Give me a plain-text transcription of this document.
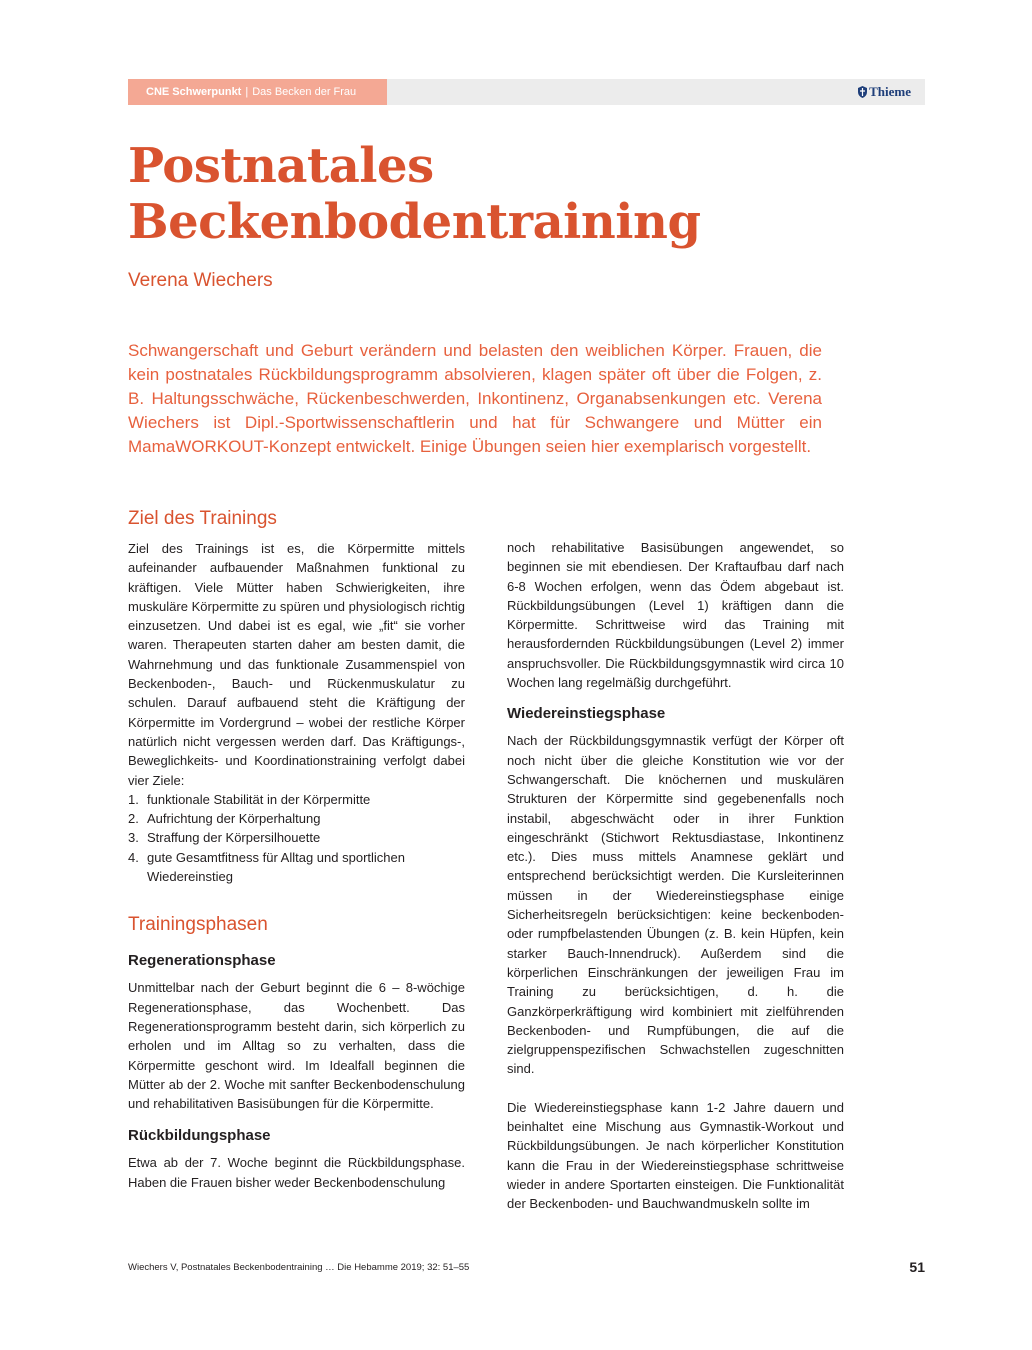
CNE Schwerpunkt | Das Becken der Frau	Thieme
Postnatales
Beckenbodentraining
Verena Wiechers

Schwangerschaft und Geburt verändern und belasten den weiblichen Körper. Frauen, die kein postnatales Rückbildungsprogramm absolvieren, klagen später oft über die Folgen, z. B. Haltungsschwäche, Rückenbeschwerden, Inkontinenz, Organabsenkungen etc. Verena Wiechers ist Dipl.-Sportwissenschaftlerin und hat für Schwangere und Mütter ein MamaWORKOUT-Konzept entwickelt. Einige Übungen seien hier exemplarisch vorgestellt.

Ziel des Trainings

Ziel des Trainings ist es, die Körpermitte mittels aufeinander aufbauender Maßnahmen funktional zu kräftigen. Viele Mütter haben Schwierigkeiten, ihre muskuläre Körpermitte zu spüren und physiologisch richtig einzusetzen. Und dabei ist es egal, wie „fit“ sie vorher waren. Therapeuten starten daher am besten damit, die Wahrnehmung und das funktionale Zusammenspiel von Beckenboden-, Bauch- und Rückenmuskulatur zu schulen. Darauf aufbauend steht die Kräftigung der Körpermitte im Vordergrund – wobei der restliche Körper natürlich nicht vergessen werden darf. Das Kräftigungs-, Beweglichkeits- und Koordinationstraining verfolgt dabei vier Ziele:

1. funktionale Stabilität in der Körpermitte
2. Aufrichtung der Körperhaltung
3. Straffung der Körpersilhouette
4. gute Gesamtfitness für Alltag und sportlichen Wiedereinstieg
Trainingsphasen
Regenerationsphase

Unmittelbar nach der Geburt beginnt die 6 – 8-wöchige Regenerationsphase, das Wochenbett. Das Regenerationsprogramm besteht darin, sich körperlich zu erholen und im Alltag so zu verhalten, dass die Körpermitte geschont wird. Im Idealfall beginnen die Mütter ab der 2. Woche mit sanfter Beckenbodenschulung und rehabilitativen Basisübungen für die Körpermitte.

Rückbildungsphase

Etwa ab der 7. Woche beginnt die Rückbildungsphase. Haben die Frauen bisher weder Beckenbodenschulung

noch rehabilitative Basisübungen angewendet, so beginnen sie mit ebendiesen. Der Kraftaufbau darf nach 6-8 Wochen erfolgen, wenn das Ödem abgebaut ist. Rückbildungsübungen (Level 1) kräftigen dann die Körpermitte. Schrittweise wird das Training mit herausfordernden Rückbildungsübungen (Level 2) immer anspruchsvoller. Die Rückbildungsgymnastik wird circa 10 Wochen lang regelmäßig durchgeführt.

Wiedereinstiegsphase

Nach der Rückbildungsgymnastik verfügt der Körper oft noch nicht über die gleiche Konstitution wie vor der Schwangerschaft. Die knöchernen und muskulären Strukturen der Körpermitte sind gegebenenfalls noch instabil, abgeschwächt oder in ihrer Funktion eingeschränkt (Stichwort Rektusdiastase, Inkontinenz etc.). Dies muss mittels Anamnese geklärt und entsprechend berücksichtigt werden. Die Kursleiterinnen müssen in der Wiedereinstiegsphase einige Sicherheitsregeln berücksichtigen: keine beckenboden- oder rumpfbelastenden Übungen (z. B. kein Hüpfen, kein starker Bauch-Innendruck). Außerdem sind die körperlichen Einschränkungen der jeweiligen Frau im Training zu berücksichtigen, d. h. die Ganzkörperkräftigung wird kombiniert mit zielführenden Beckenboden- und Rumpfübungen, die auf die zielgruppenspezifischen Schwachstellen zugeschnitten sind.

Die Wiedereinstiegsphase kann 1-2 Jahre dauern und beinhaltet eine Mischung aus Gymnastik-Workout und Rückbildungsübungen. Je nach körperlicher Konstitution kann die Frau in der Wiedereinstiegsphase schrittweise wieder in andere Sportarten einsteigen. Die Funktionalität der Beckenboden- und Bauchwandmuskeln sollte im

Wiechers V, Postnatales Beckenbodentraining … Die Hebamme 2019; 32: 51–55	51
